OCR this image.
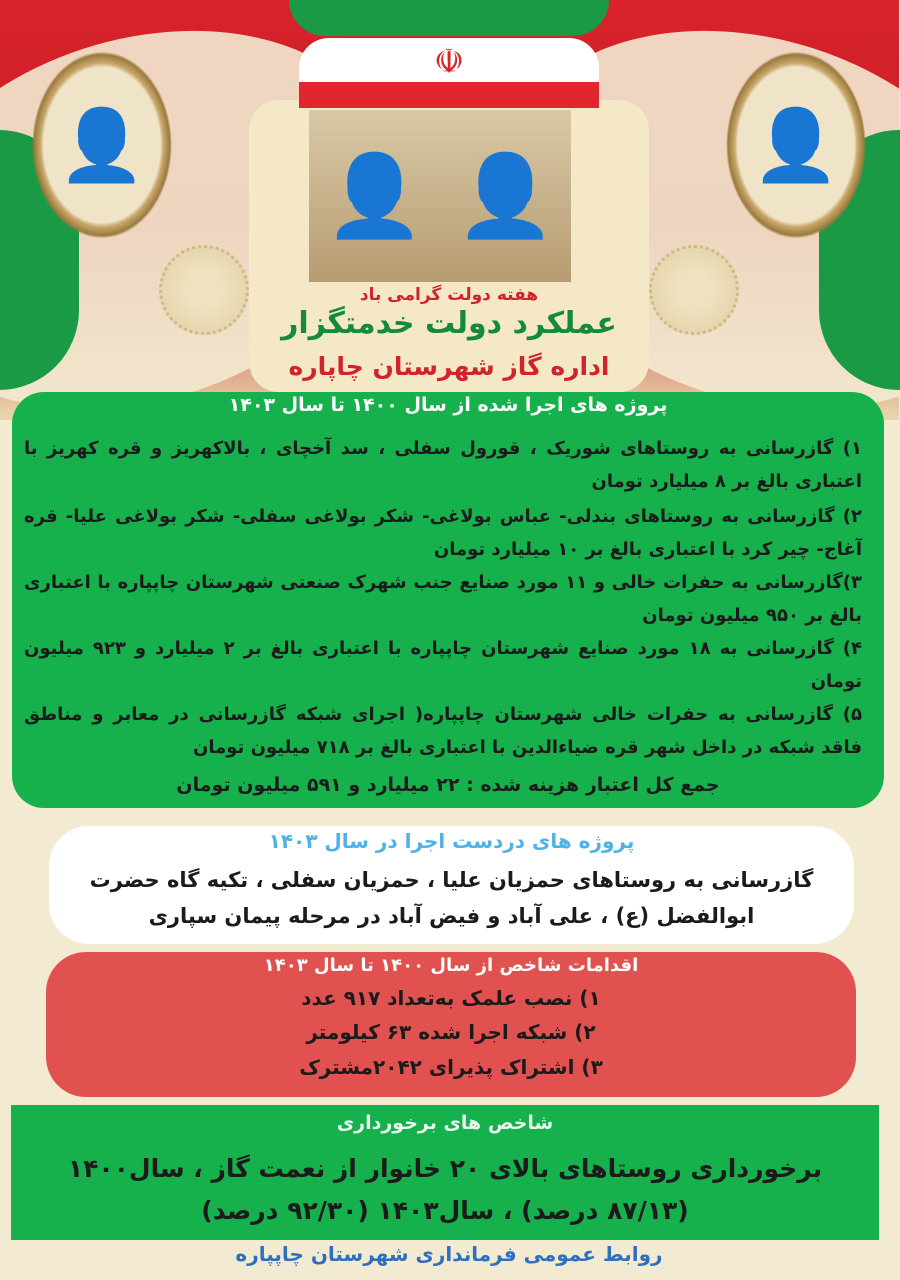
👤	👤
☫
👤
👤
هفته دولت گرامی باد
عملکرد دولت خدمتگزار
اداره گاز شهرستان چاپاره
پروژه های اجرا شده از سال ۱۴۰۰ تا سال ۱۴۰۳
۱) گازرسانی به روستاهای شوریک ، قورول سفلی ، سد آخچای ، بالاکهریز و قره کهریز با اعتباری بالغ بر ۸ میلیارد تومان
۲) گازرسانی به روستاهای بندلی- عباس بولاغی- شکر بولاغی سفلی- شکر بولاغی علیا- قره آغاج- چیر کرد با اعتباری بالغ بر ۱۰ میلیارد تومان
۳)گازرسانی به حفرات خالی و ۱۱ مورد صنایع جنب شهرک صنعتی شهرستان چاپپاره با اعتباری بالغ بر ۹۵۰ میلیون تومان
۴) گازرسانی به ۱۸ مورد صنایع شهرستان چاپپاره با اعتباری بالغ بر ۲ میلیارد و ۹۲۳ میلیون تومان
۵) گازرسانی به حفرات خالی شهرستان چاپپاره( اجرای شبکه گازرسانی در معابر و مناطق فاقد شبکه در داخل شهر قره ضیاءالدین با اعتباری بالغ بر ۷۱۸ میلیون تومان
جمع کل اعتبار هزینه شده : ۲۲ میلیارد و ۵۹۱ میلیون تومان
پروژه های دردست اجرا در سال ۱۴۰۳
گازرسانی به روستاهای حمزیان علیا ، حمزیان سفلی ، تکیه گاه حضرت ابوالفضل (ع) ، علی آباد و فیض آباد در مرحله پیمان سپاری
اقدامات شاخص از سال ۱۴۰۰ تا سال ۱۴۰۳
۱) نصب علمک به‌تعداد ۹۱۷ عدد
۲) شبکه اجرا شده ۶۳ کیلومتر
۳) اشتراک پذیرای ۲۰۴۲مشترک
شاخص های برخورداری
برخورداری روستاهای بالای ۲۰ خانوار از نعمت گاز ، سال۱۴۰۰ (۸۷/۱۳ درصد) ، سال۱۴۰۳ (۹۲/۳۰ درصد)
روابط عمومی فرمانداری شهرستان چاپپاره
